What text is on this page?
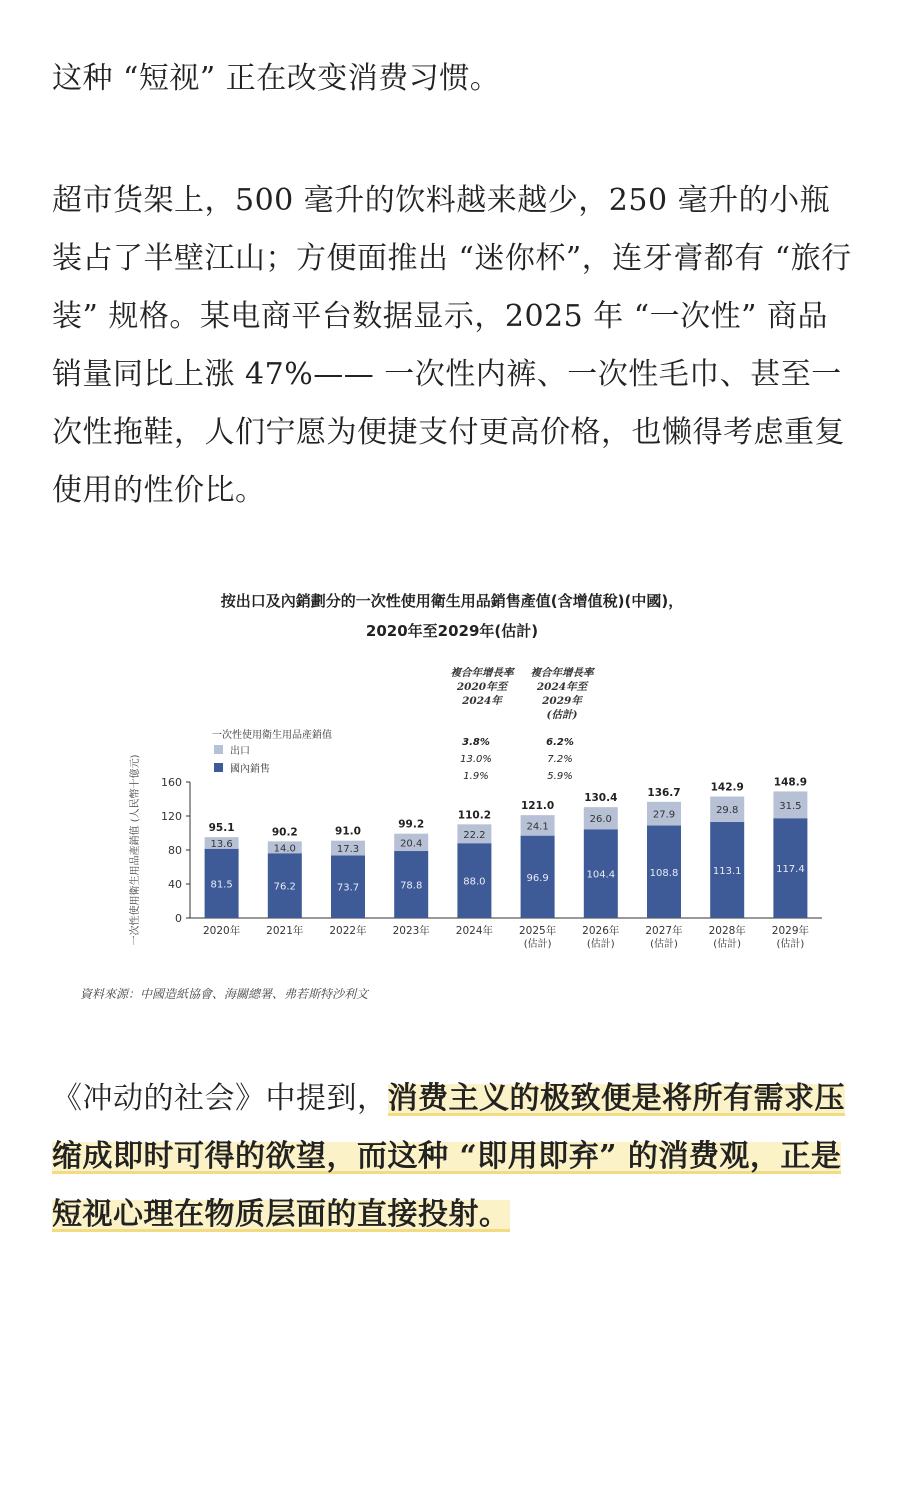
这种 “短视” 正在改变消费习惯。

超市货架上，500 毫升的饮料越来越少，250 毫升的小瓶装占了半壁江山；方便面推出 “迷你杯”，连牙膏都有 “旅行装” 规格。某电商平台数据显示，2025 年 “一次性” 商品销量同比上涨 47%—— 一次性内裤、一次性毛巾、甚至一次性拖鞋，人们宁愿为便捷支付更高价格，也懒得考虑重复使用的性价比。

按出口及內銷劃分的一次性使用衛生用品銷售產值(含增值稅)(中國)，
2020年至2029年(估計)
複合年增長率
2020年至
2024年
複合年增長率
2024年至
2029年
(估計)
3.8%	6.2%
13.0%	7.2%
1.9%	5.9%
一次性使用衛生用品產銷值
出口
國內銷售
0
40
80
120
160
一次性使用衛生用品產銷值 (人民幣十億元)	81.5
13.6
95.1
2020年
76.2
14.0
90.2
2021年
73.7
17.3
91.0
2022年
78.8
20.4
99.2
2023年
88.0
22.2
110.2
2024年
96.9
24.1
121.0
2025年
(估計)
104.4
26.0
130.4
2026年
(估計)
108.8
27.9
136.7
2027年
(估計)
113.1
29.8
142.9
2028年
(估計)
117.4
31.5
148.9
2029年
(估計)
資料來源：中國造紙協會、海關總署、弗若斯特沙利文

《冲动的社会》中提到，消费主义的极致便是将所有需求压缩成即时可得的欲望，而这种 “即用即弃” 的消费观，正是短视心理在物质层面的直接投射。
